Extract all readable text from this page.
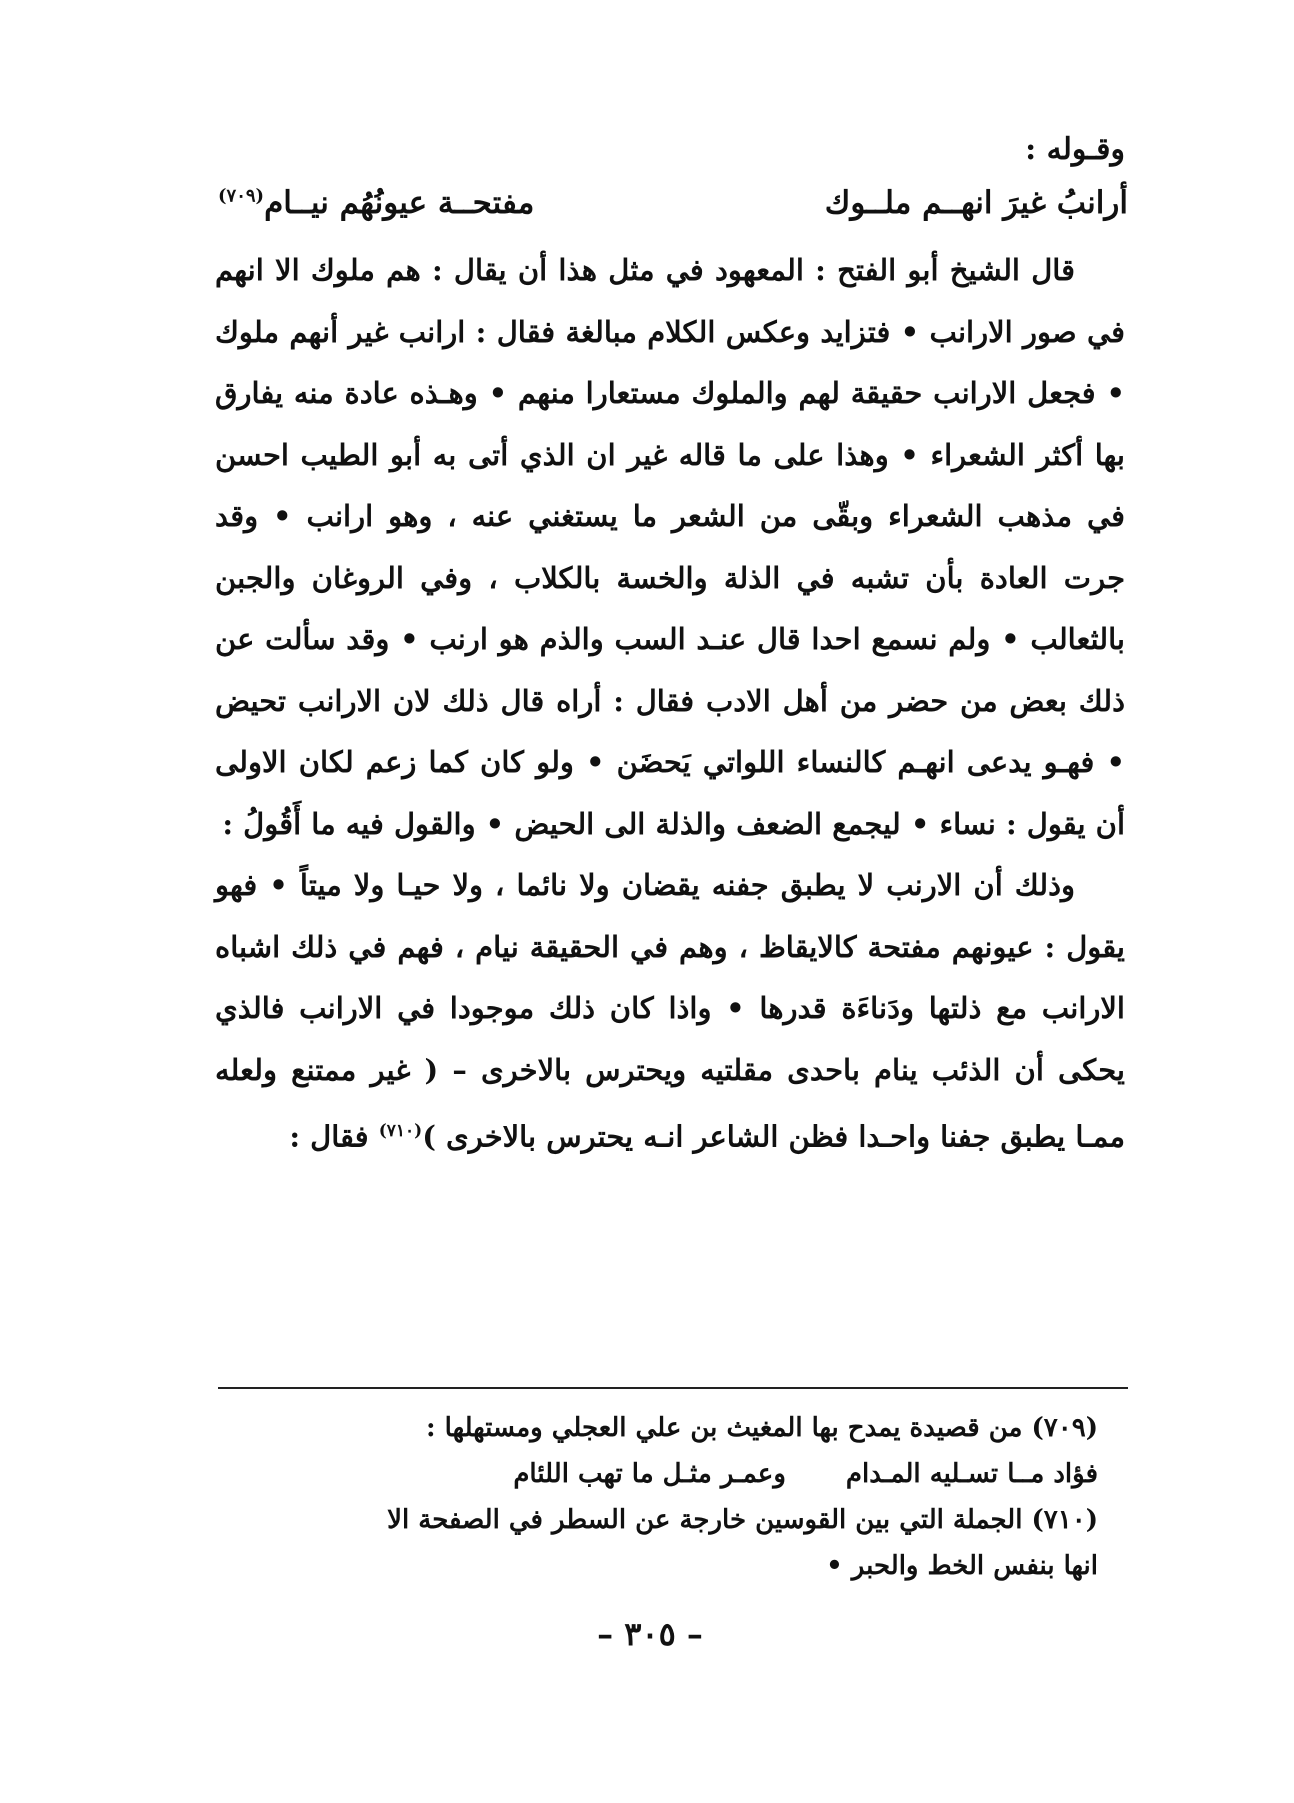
وقـوله :
أرانبُ غيرَ انهــم ملــوك
مفتحــة عيونُهُم نيــام$^{(٧٠٩)}$

قال الشيخ أبو الفتح : المعهود في مثل هذا أن يقال : هم ملوك الا انهم في صور الارانب • فتزايد وعكس الكلام مبالغة فقال : ارانب غير أنهم ملوك • فجعل الارانب حقيقة لهم والملوك مستعارا منهم • وهـذه عادة منه يفارق بها أكثر الشعراء • وهذا على ما قاله غير ان الذي أتى به أبو الطيب احسن في مذهب الشعراء وبقّى من الشعر ما يستغني عنه ، وهو ارانب • وقد جرت العادة بأن تشبه في الذلة والخسة بالكلاب ، وفي الروغان والجبن بالثعالب • ولم نسمع احدا قال عنـد السب والذم هو ارنب • وقد سألت عن ذلك بعض من حضر من أهل الادب فقال : أراه قال ذلك لان الارانب تحيض • فهـو يدعى انهـم كالنساء اللواتي يَحضَن • ولو كان كما زعم لكان الاولى أن يقول : نساء • ليجمع الضعف والذلة الى الحيض • والقول فيه ما أَقُولُ :

وذلك أن الارنب لا يطبق جفنه يقضان ولا نائما ، ولا حيـا ولا ميتاً • فهو يقول : عيونهم مفتحة كالايقاظ ، وهم في الحقيقة نيام ، فهم في ذلك اشباه الارانب مع ذلتها ودَناءَة قدرها • واذا كان ذلك موجودا في الارانب فالذي يحكى أن الذئب ينام باحدى مقلتيه ويحترس بالاخرى – ( غير ممتنع ولعله ممـا يطبق جفنا واحـدا فظن الشاعر انـه يحترس بالاخرى )$^{(٧١٠)}$ فقال :

(٧٠٩) من قصيدة يمدح بها المغيث بن علي العجلي ومستهلها :

فؤاد مــا تسـليه المـدام
وعمـر مثـل ما تهب اللئام

(٧١٠) الجملة التي بين القوسين خارجة عن السطر في الصفحة الا

انها بنفس الخط والحبر •

– ٣٠٥ –
